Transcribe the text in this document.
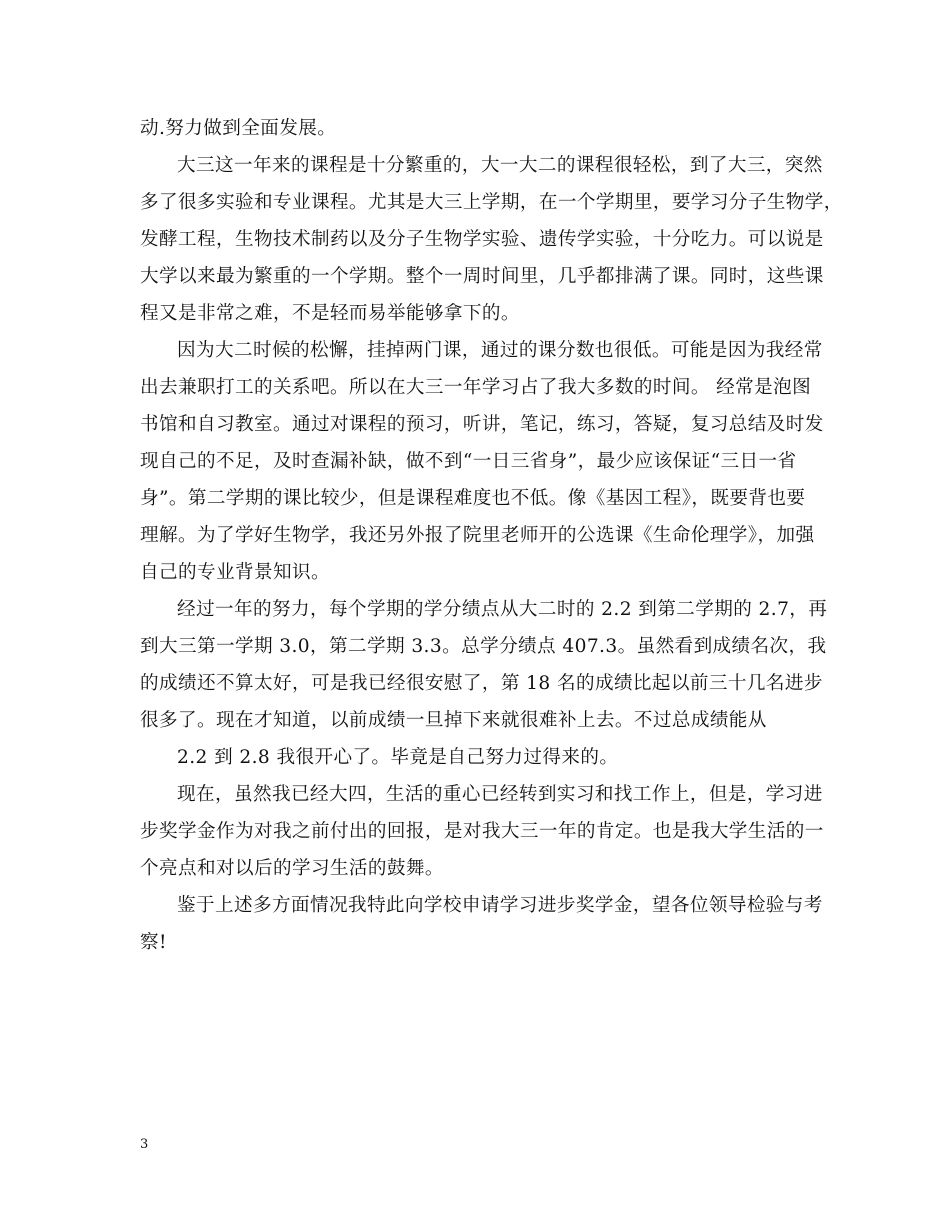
动.努力做到全面发展。
大三这一年来的课程是十分繁重的，大一大二的课程很轻松，到了大三，突然
多了很多实验和专业课程。尤其是大三上学期，在一个学期里，要学习分子生物学，
发酵工程，生物技术制药以及分子生物学实验、遗传学实验，十分吃力。可以说是
大学以来最为繁重的一个学期。整个一周时间里，几乎都排满了课。同时，这些课
程又是非常之难，不是轻而易举能够拿下的。
因为大二时候的松懈，挂掉两门课，通过的课分数也很低。可能是因为我经常
出去兼职打工的关系吧。所以在大三一年学习占了我大多数的时间。 经常是泡图
书馆和自习教室。通过对课程的预习，听讲，笔记，练习，答疑，复习总结及时发
现自己的不足，及时查漏补缺，做不到“一日三省身”，最少应该保证“三日一省
身”。第二学期的课比较少，但是课程难度也不低。像《基因工程》，既要背也要
理解。为了学好生物学，我还另外报了院里老师开的公选课《生命伦理学》，加强
自己的专业背景知识。
经过一年的努力，每个学期的学分绩点从大二时的 2.2 到第二学期的 2.7，再
到大三第一学期 3.0，第二学期 3.3。总学分绩点 407.3。虽然看到成绩名次，我
的成绩还不算太好，可是我已经很安慰了，第 18 名的成绩比起以前三十几名进步
很多了。现在才知道，以前成绩一旦掉下来就很难补上去。不过总成绩能从
2.2 到 2.8 我很开心了。毕竟是自己努力过得来的。
现在，虽然我已经大四，生活的重心已经转到实习和找工作上，但是，学习进
步奖学金作为对我之前付出的回报，是对我大三一年的肯定。也是我大学生活的一
个亮点和对以后的学习生活的鼓舞。
鉴于上述多方面情况我特此向学校申请学习进步奖学金，望各位领导检验与考
察!
3
